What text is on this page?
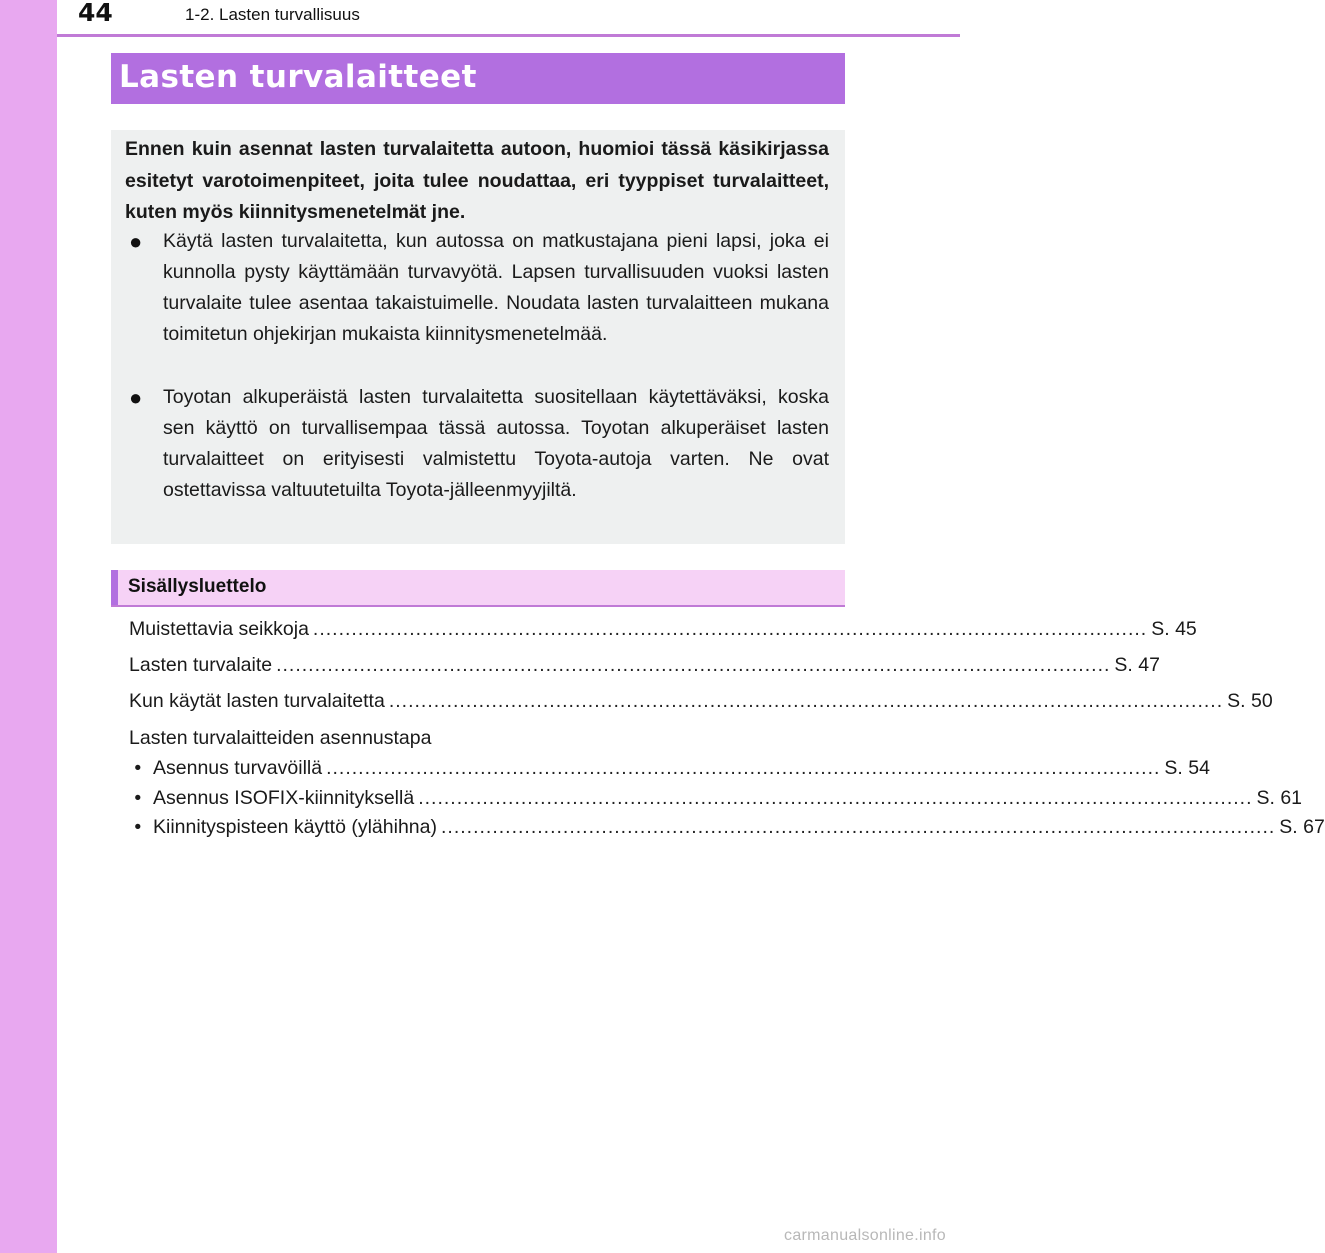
44	1-2. Lasten turvallisuus
Lasten turvalaitteet
Ennen kuin asennat lasten turvalaitetta autoon, huomioi tässä käsikirjassa esitetyt varotoimenpiteet, joita tulee noudattaa, eri tyyppiset turvalaitteet, kuten myös kiinnitysmenetelmät jne.
● Käytä lasten turvalaitetta, kun autossa on matkustajana pieni lapsi, joka ei kunnolla pysty käyttämään turvavyötä. Lapsen turvallisuuden vuoksi lasten turvalaite tulee asentaa takaistuimelle. Noudata lasten turvalaitteen mukana toimitetun ohjekirjan mukaista kiinnitysmenetelmää.
● Toyotan alkuperäistä lasten turvalaitetta suositellaan käytettäväksi, koska sen käyttö on turvallisempaa tässä autossa. Toyotan alkuperäiset lasten turvalaitteet on erityisesti valmistettu Toyota-autoja varten. Ne ovat ostettavissa valtuutetuilta Toyota-jälleenmyyjiltä.
Sisällysluettelo
Muistettavia seikkoja .................................................................................................................................. S. 45
Lasten turvalaite .................................................................................................................................. S. 47
Kun käytät lasten turvalaitetta .................................................................................................................................. S. 50
Lasten turvalaitteiden asennustapa
• Asennus turvavöillä .................................................................................................................................. S. 54
• Asennus ISOFIX-kiinnityksellä .................................................................................................................................. S. 61
• Kiinnityspisteen käyttö (ylähihna) .................................................................................................................................. S. 67
carmanualsonline.info
